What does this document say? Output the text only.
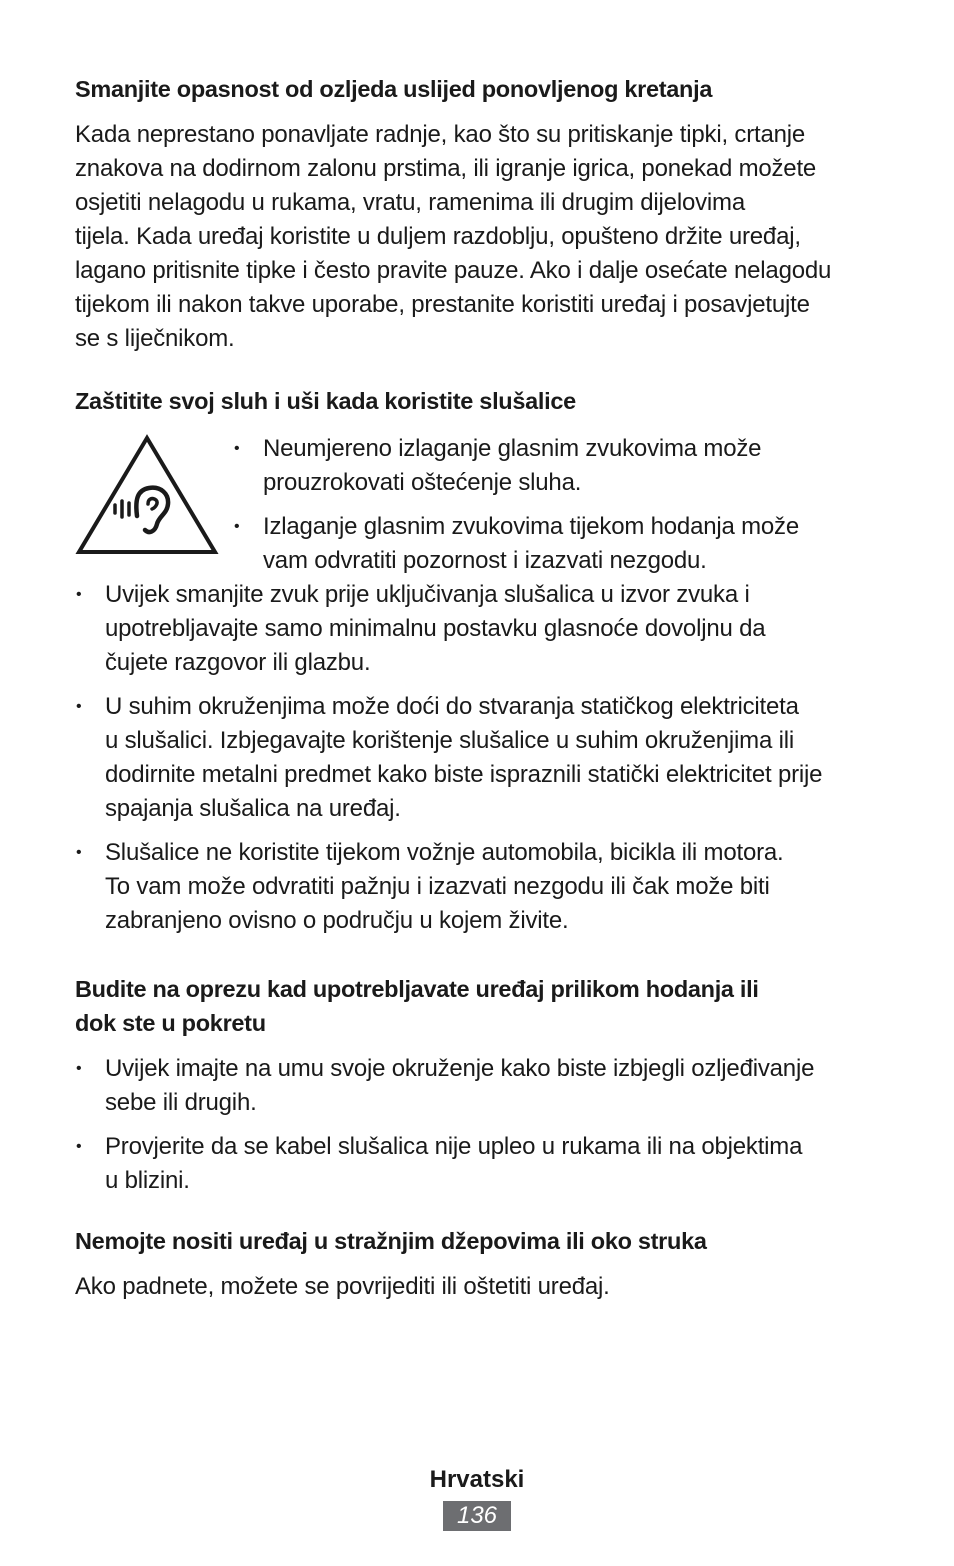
Smanjite opasnost od ozljeda uslijed ponovljenog kretanja

Kada neprestano ponavljate radnje, kao što su pritiskanje tipki, crtanje
znakova na dodirnom zalonu prstima, ili igranje igrica, ponekad možete
osjetiti nelagodu u rukama, vratu, ramenima ili drugim dijelovima
tijela. Kada uređaj koristite u duljem razdoblju, opušteno držite uređaj,
lagano pritisnite tipke i često pravite pauze. Ako i dalje osećate nelagodu
tijekom ili nakon takve uporabe, prestanite koristiti uređaj i posavjetujte
se s liječnikom.

Zaštitite svoj sluh i uši kada koristite slušalice
• Neumjereno izlaganje glasnim zvukovima može
prouzrokovati oštećenje sluha.
• Izlaganje glasnim zvukovima tijekom hodanja može
vam odvratiti pozornost i izazvati nezgodu.
• Uvijek smanjite zvuk prije uključivanja slušalica u izvor zvuka i
upotrebljavajte samo minimalnu postavku glasnoće dovoljnu da
čujete razgovor ili glazbu.
• U suhim okruženjima može doći do stvaranja statičkog elektriciteta
u slušalici. Izbjegavajte korištenje slušalice u suhim okruženjima ili
dodirnite metalni predmet kako biste ispraznili statički elektricitet prije
spajanja slušalica na uređaj.
• Slušalice ne koristite tijekom vožnje automobila, bicikla ili motora.
To vam može odvratiti pažnju i izazvati nezgodu ili čak može biti
zabranjeno ovisno o području u kojem živite.
Budite na oprezu kad upotrebljavate uređaj prilikom hodanja ili
dok ste u pokretu
• Uvijek imajte na umu svoje okruženje kako biste izbjegli ozljeđivanje
sebe ili drugih.
• Provjerite da se kabel slušalica nije upleo u rukama ili na objektima
u blizini.
Nemojte nositi uređaj u stražnjim džepovima ili oko struka

Ako padnete, možete se povrijediti ili oštetiti uređaj.

Hrvatski
136
